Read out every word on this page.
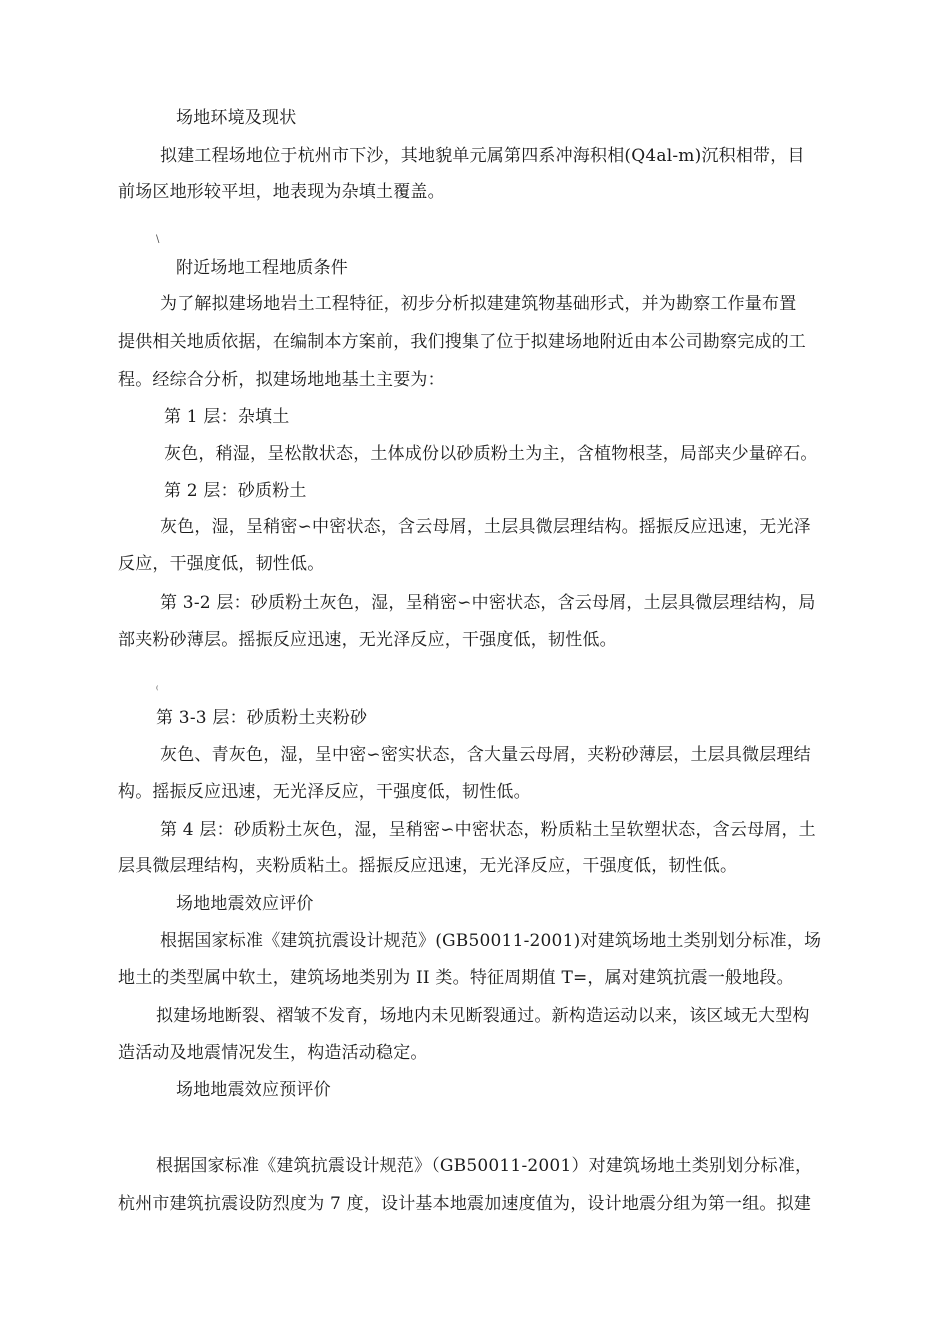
场地环境及现状
拟建工程场地位于杭州市下沙，其地貌单元属第四系冲海积相(Q4al-m)沉积相带，目
前场区地形较平坦，地表现为杂填土覆盖。
\
附近场地工程地质条件
为了解拟建场地岩土工程特征，初步分析拟建建筑物基础形式，并为勘察工作量布置
提供相关地质依据，在编制本方案前，我们搜集了位于拟建场地附近由本公司勘察完成的工
程。经综合分析，拟建场地地基土主要为：
第 1 层：杂填土
灰色，稍湿，呈松散状态，土体成份以砂质粉土为主，含植物根茎，局部夹少量碎石。
第 2 层：砂质粉土
灰色，湿，呈稍密∽中密状态，含云母屑，土层具微层理结构。摇振反应迅速，无光泽
反应，干强度低，韧性低。
第 3-2 层：砂质粉土灰色，湿，呈稍密∽中密状态，含云母屑，土层具微层理结构，局
部夹粉砂薄层。摇振反应迅速，无光泽反应，干强度低，韧性低。
⁽
第 3-3 层：砂质粉土夹粉砂
灰色、青灰色，湿，呈中密∽密实状态，含大量云母屑，夹粉砂薄层，土层具微层理结
构。摇振反应迅速，无光泽反应，干强度低，韧性低。
第 4 层：砂质粉土灰色，湿，呈稍密∽中密状态，粉质粘土呈软塑状态，含云母屑，土
层具微层理结构，夹粉质粘土。摇振反应迅速，无光泽反应，干强度低，韧性低。
场地地震效应评价
根据国家标准《建筑抗震设计规范》(GB50011-2001)对建筑场地土类别划分标准，场
地土的类型属中软土，建筑场地类别为 II 类。特征周期值 T=，属对建筑抗震一般地段。
拟建场地断裂、褶皱不发育，场地内未见断裂通过。新构造运动以来，该区域无大型构
造活动及地震情况发生，构造活动稳定。
场地地震效应预评价
根据国家标准《建筑抗震设计规范》（GB50011-2001）对建筑场地土类别划分标准，
杭州市建筑抗震设防烈度为 7 度，设计基本地震加速度值为，设计地震分组为第一组。拟建
